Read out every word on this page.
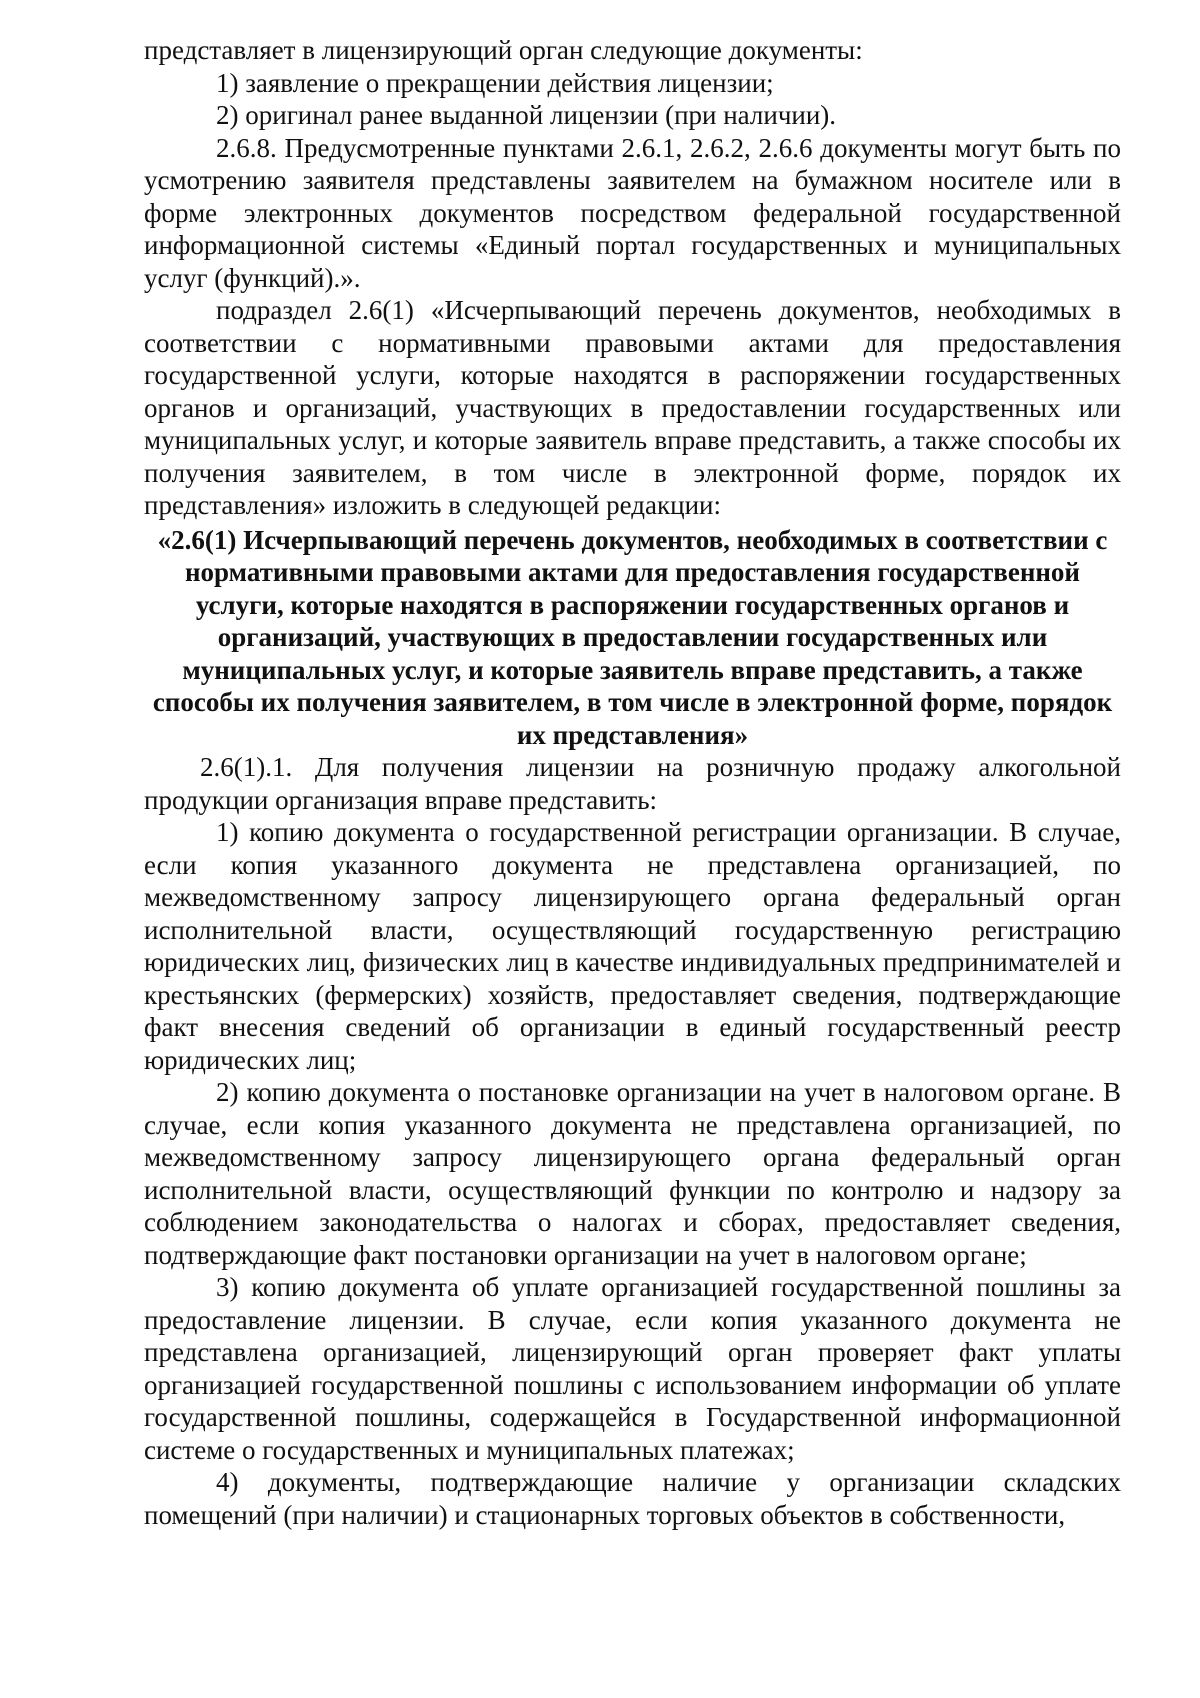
представляет в лицензирующий орган следующие документы:

1) заявление о прекращении действия лицензии;

2) оригинал ранее выданной лицензии (при наличии).

2.6.8. Предусмотренные пунктами 2.6.1, 2.6.2, 2.6.6 документы могут быть по усмотрению заявителя представлены заявителем на бумажном носителе или в форме электронных документов посредством федеральной государственной информационной системы «Единый портал государственных и муниципальных услуг (функций).».

подраздел 2.6(1) «Исчерпывающий перечень документов, необходимых в соответствии с нормативными правовыми актами для предоставления государственной услуги, которые находятся в распоряжении государственных органов и организаций, участвующих в предоставлении государственных или муниципальных услуг, и которые заявитель вправе представить, а также способы их получения заявителем, в том числе в электронной форме, порядок их представления» изложить в следующей редакции:

«2.6(1) Исчерпывающий перечень документов, необходимых в соответствии с нормативными правовыми актами для предоставления государственной услуги, которые находятся в распоряжении государственных органов и организаций, участвующих в предоставлении государственных или муниципальных услуг, и которые заявитель вправе представить, а также способы их получения заявителем, в том числе в электронной форме, порядок их представления»

2.6(1).1. Для получения лицензии на розничную продажу алкогольной продукции организация вправе представить:

1) копию документа о государственной регистрации организации. В случае, если копия указанного документа не представлена организацией, по межведомственному запросу лицензирующего органа федеральный орган исполнительной власти, осуществляющий государственную регистрацию юридических лиц, физических лиц в качестве индивидуальных предпринимателей и крестьянских (фермерских) хозяйств, предоставляет сведения, подтверждающие факт внесения сведений об организации в единый государственный реестр юридических лиц;

2) копию документа о постановке организации на учет в налоговом органе. В случае, если копия указанного документа не представлена организацией, по межведомственному запросу лицензирующего органа федеральный орган исполнительной власти, осуществляющий функции по контролю и надзору за соблюдением законодательства о налогах и сборах, предоставляет сведения, подтверждающие факт постановки организации на учет в налоговом органе;

3) копию документа об уплате организацией государственной пошлины за предоставление лицензии. В случае, если копия указанного документа не представлена организацией, лицензирующий орган проверяет факт уплаты организацией государственной пошлины с использованием информации об уплате государственной пошлины, содержащейся в Государственной информационной системе о государственных и муниципальных платежах;

4) документы, подтверждающие наличие у организации складских помещений (при наличии) и стационарных торговых объектов в собственности,
